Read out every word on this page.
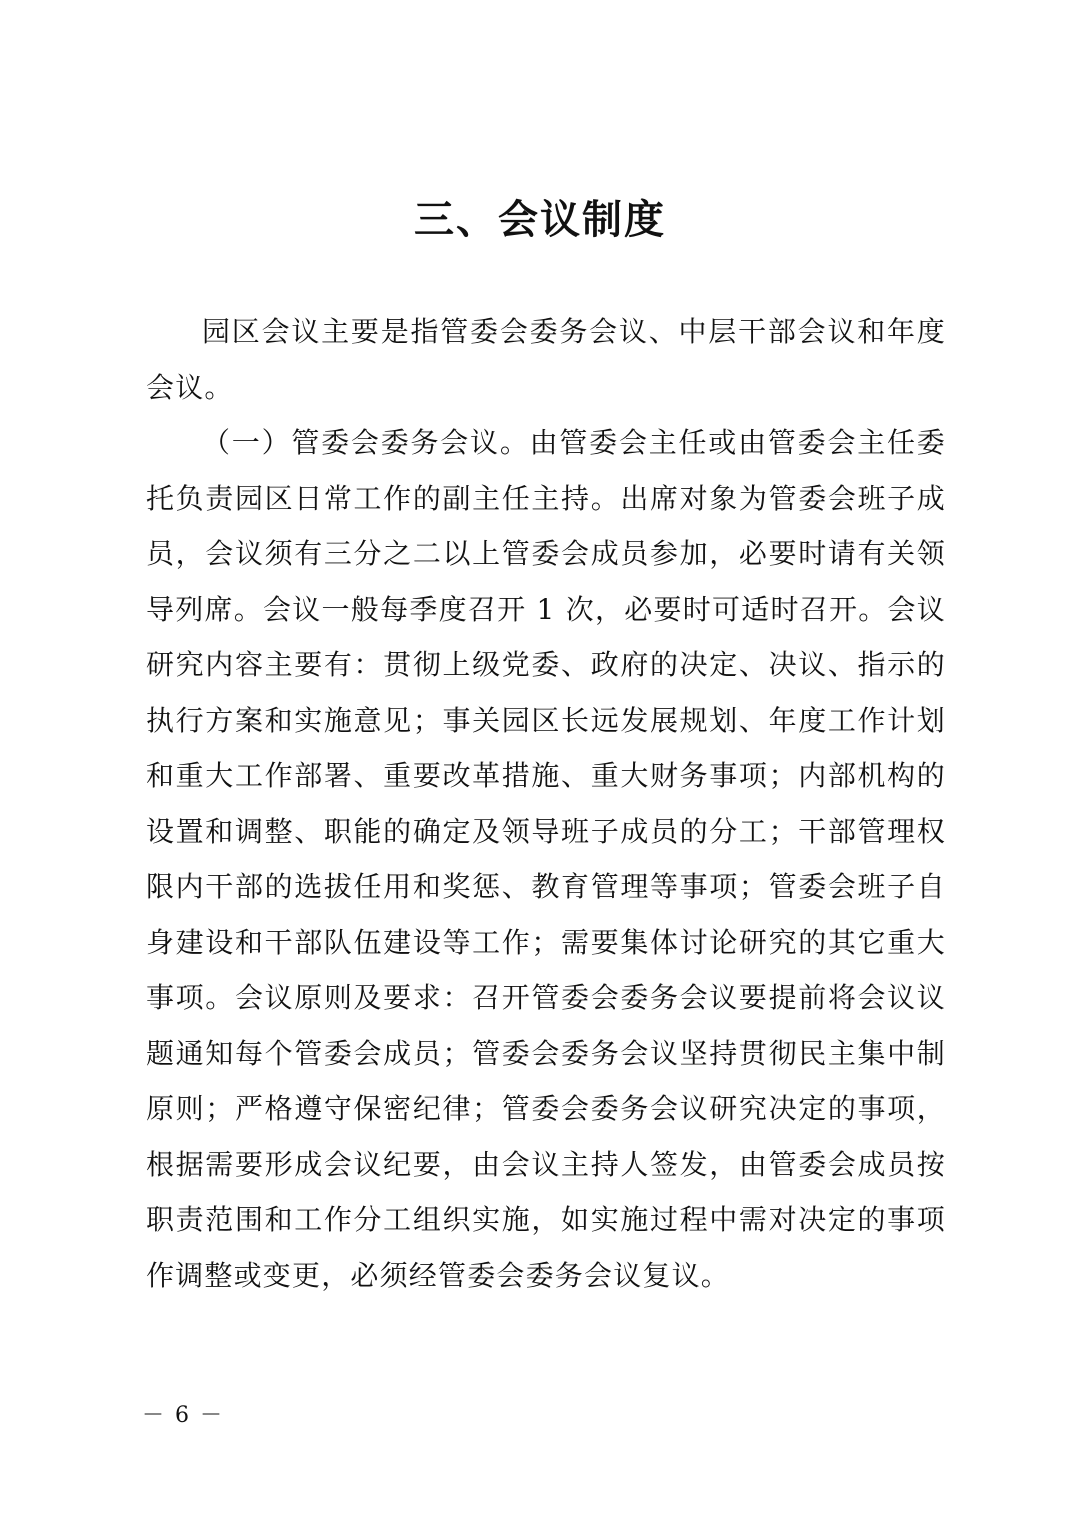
三、会议制度

园区会议主要是指管委会委务会议、中层干部会议和年度会议。

（一）管委会委务会议。由管委会主任或由管委会主任委托负责园区日常工作的副主任主持。出席对象为管委会班子成员，会议须有三分之二以上管委会成员参加，必要时请有关领导列席。会议一般每季度召开 1 次，必要时可适时召开。会议研究内容主要有：贯彻上级党委、政府的决定、决议、指示的执行方案和实施意见；事关园区长远发展规划、年度工作计划和重大工作部署、重要改革措施、重大财务事项；内部机构的设置和调整、职能的确定及领导班子成员的分工；干部管理权限内干部的选拔任用和奖惩、教育管理等事项；管委会班子自身建设和干部队伍建设等工作；需要集体讨论研究的其它重大事项。会议原则及要求：召开管委会委务会议要提前将会议议题通知每个管委会成员；管委会委务会议坚持贯彻民主集中制原则；严格遵守保密纪律；管委会委务会议研究决定的事项，根据需要形成会议纪要，由会议主持人签发，由管委会成员按职责范围和工作分工组织实施，如实施过程中需对决定的事项作调整或变更，必须经管委会委务会议复议。

－ 6 －
